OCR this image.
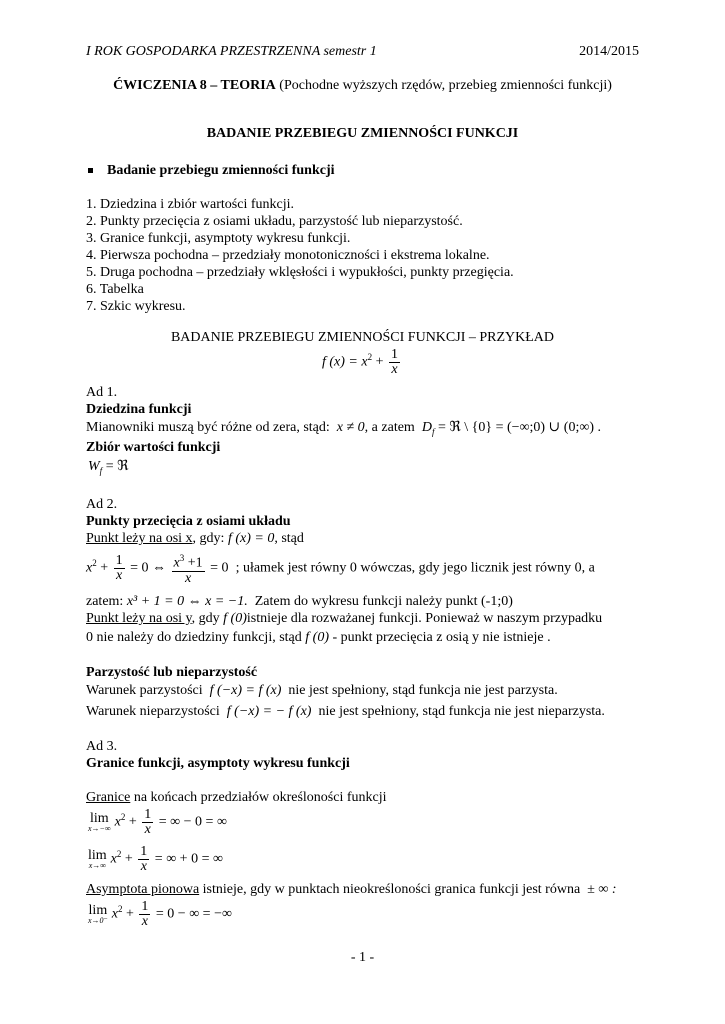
I ROK GOSPODARKA PRZESTRZENNA semestr 1	2014/2015
ĆWICZENIA 8 – TEORIA (Pochodne wyższych rzędów, przebieg zmienności funkcji)
BADANIE PRZEBIEGU ZMIENNOŚCI FUNKCJI
Badanie przebiegu zmienności funkcji
1. Dziedzina i zbiór wartości funkcji.
2. Punkty przecięcia z osiami układu, parzystość lub nieparzystość.
3. Granice funkcji, asymptoty wykresu funkcji.
4. Pierwsza pochodna – przedziały monotoniczności i ekstrema lokalne.
5. Druga pochodna – przedziały wklęsłości i wypukłości, punkty przegięcia.
6. Tabelka
7. Szkic wykresu.
BADANIE PRZEBIEGU ZMIENNOŚCI FUNKCJI – PRZYKŁAD
f $(x) = x^2 + \frac{1}{x}$
Ad 1.
Dziedzina funkcji
Mianowniki muszą być różne od zera, stąd: x ≠ 0, a zatem $D_f$ = ℜ \ {0} = (−∞;0) ∪ (0;∞) .
Zbiór wartości funkcji
$W_f$ = ℜ
Ad 2.
Punkty przecięcia z osiami układu
Punkt leży na osi x, gdy: f (x) = 0, stąd
$x^2 + \frac{1}{x} = 0$ ⇔ $\frac{x^3 +1}{x} = 0$  ; ułamek jest równy 0 wówczas, gdy jego licznik jest równy 0, a
zatem: x³ + 1 = 0 ⇔ x = −1. Zatem do wykresu funkcji należy punkt (-1;0)
Punkt leży na osi y, gdy f (0)istnieje dla rozważanej funkcji. Ponieważ w naszym przypadku
0 nie należy do dziedziny funkcji, stąd f (0) - punkt przecięcia z osią y nie istnieje .
Parzystość lub nieparzystość
Warunek parzystości f (−x) = f (x) nie jest spełniony, stąd funkcja nie jest parzysta.
Warunek nieparzystości f (−x) = − f (x) nie jest spełniony, stąd funkcja nie jest nieparzysta.
Ad 3.
Granice funkcji, asymptoty wykresu funkcji
Granice na końcach przedziałów określoności funkcji
lim
x→−∞ $x^2 + \frac{1}{x}$ = ∞ − 0 = ∞
lim
x→∞ $x^2 + \frac{1}{x}$ = ∞ + 0 = ∞
Asymptota pionowa istnieje, gdy w punktach nieokreśloności granica funkcji jest równa ± ∞ :
lim
x→0⁻ $x^2 + \frac{1}{x} = 0$ − ∞ = −∞
- 1 -
